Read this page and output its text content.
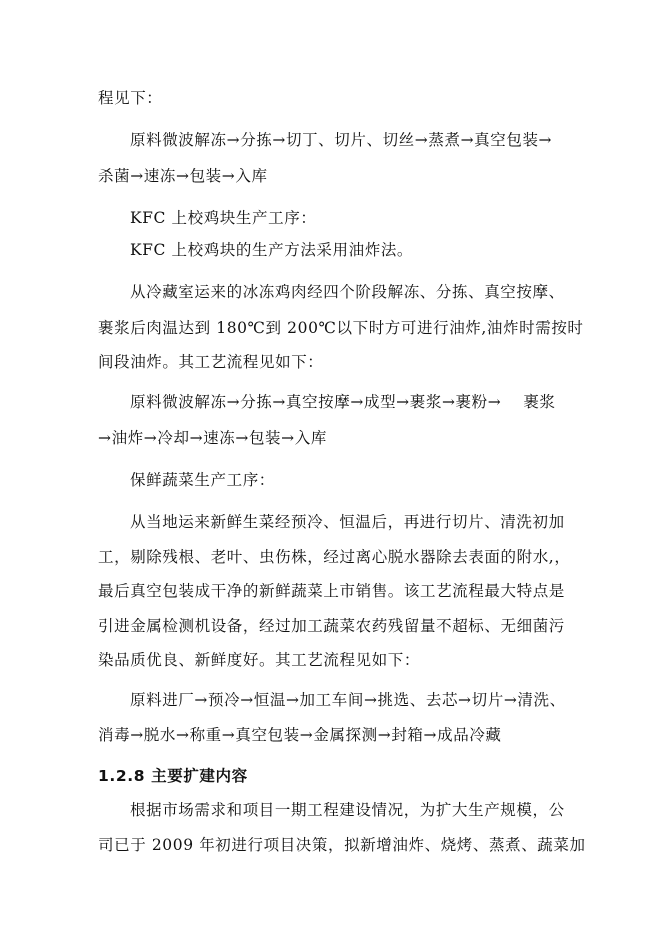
程见下：
原料微波解冻→分拣→切丁、切片、切丝→蒸煮→真空包装→
杀菌→速冻→包装→入库
KFC 上校鸡块生产工序：
KFC 上校鸡块的生产方法采用油炸法。
从冷藏室运来的冰冻鸡肉经四个阶段解冻、分拣、真空按摩、
裹浆后肉温达到 180℃到 200℃以下时方可进行油炸,油炸时需按时
间段油炸。其工艺流程见如下：
原料微波解冻→分拣→真空按摩→成型→裹浆→裹粉→ 裹浆
→油炸→冷却→速冻→包装→入库
保鲜蔬菜生产工序：
从当地运来新鲜生菜经预冷、恒温后，再进行切片、清洗初加
工，剔除残根、老叶、虫伤株，经过离心脱水器除去表面的附水,，
最后真空包装成干净的新鲜蔬菜上市销售。该工艺流程最大特点是
引进金属检测机设备，经过加工蔬菜农药残留量不超标、无细菌污
染品质优良、新鲜度好。其工艺流程见如下：
原料进厂→预冷→恒温→加工车间→挑选、去芯→切片→清洗、
消毒→脱水→称重→真空包装→金属探测→封箱→成品冷藏
1.2.8 主要扩建内容
根据市场需求和项目一期工程建设情况，为扩大生产规模，公
司已于 2009 年初进行项目决策，拟新增油炸、烧烤、蒸煮、蔬菜加
